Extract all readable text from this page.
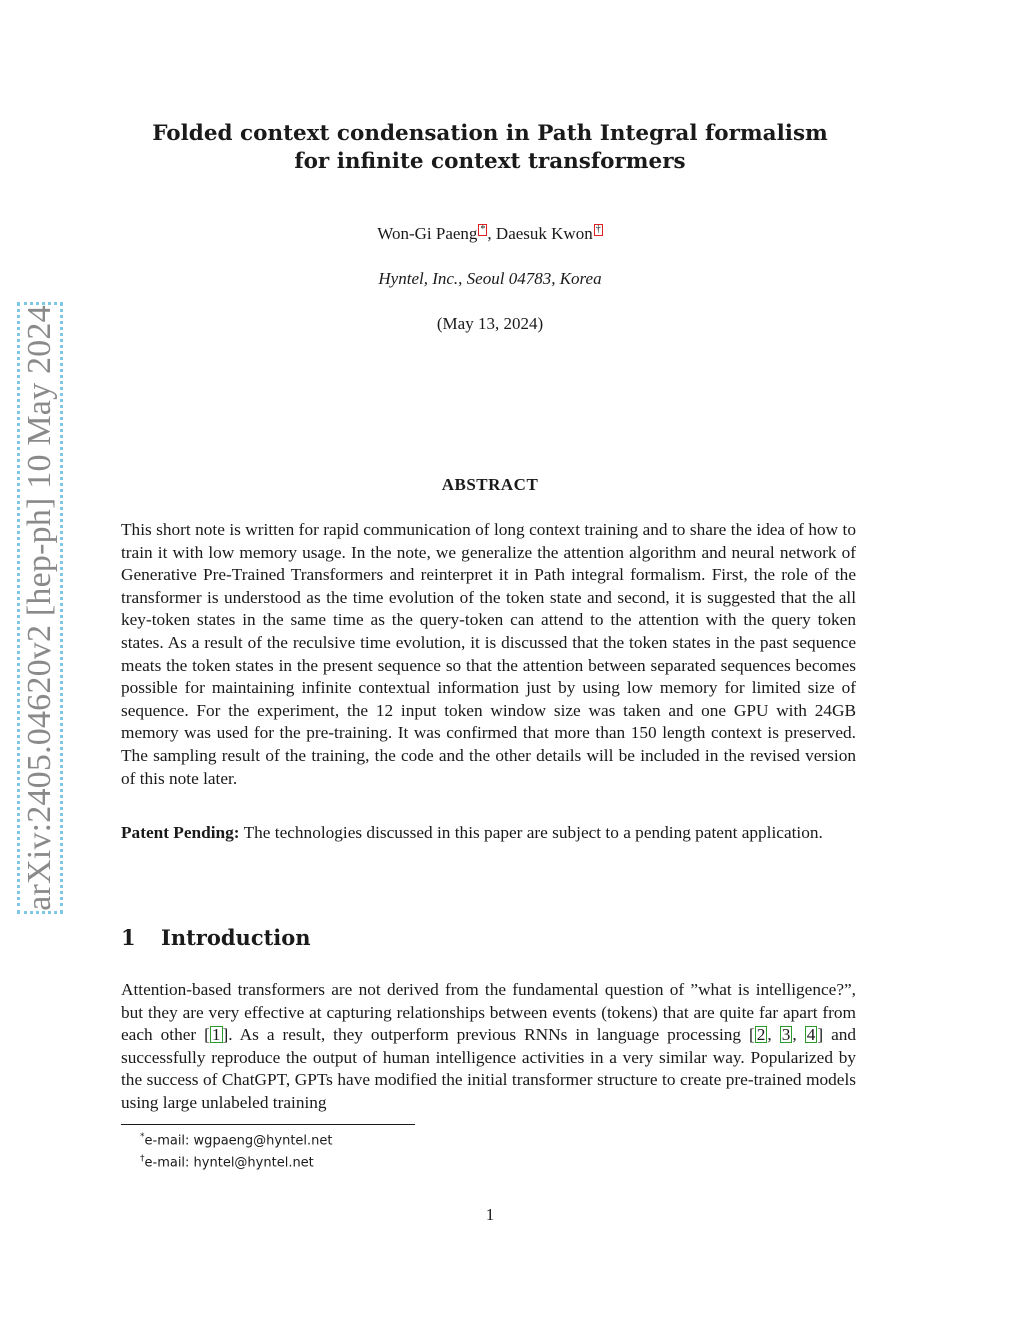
arXiv:2405.04620v2 [hep-ph] 10 May 2024
Folded context condensation in Path Integral formalism
for infinite context transformers
Won-Gi Paeng * , Daesuk Kwon †
Hyntel, Inc., Seoul 04783, Korea
(May 13, 2024)
ABSTRACT
This short note is written for rapid communication of long context training and to share the idea of how to train it with low memory usage. In the note, we generalize the attention algorithm and neural network of Generative Pre-Trained Transformers and reinterpret it in Path integral formalism. First, the role of the transformer is understood as the time evolution of the token state and second, it is suggested that the all key-token states in the same time as the query-token can attend to the attention with the query token states. As a result of the reculsive time evolution, it is discussed that the token states in the past sequence meats the token states in the present sequence so that the attention between separated sequences becomes possible for maintaining infinite contextual information just by using low memory for limited size of sequence. For the experiment, the 12 input token window size was taken and one GPU with 24GB memory was used for the pre-training. It was confirmed that more than 150 length context is preserved. The sampling result of the training, the code and the other details will be included in the revised version of this note later.
Patent Pending: The technologies discussed in this paper are subject to a pending patent application.
1 Introduction
Attention-based transformers are not derived from the fundamental question of ”what is intelligence?”, but they are very effective at capturing relationships between events (tokens) that are quite far apart from each other [ 1 ]. As a result, they outperform previous RNNs in language processing [ 2 , 3 , 4 ] and successfully reproduce the output of human intelligence activities in a very similar way. Popularized by the success of ChatGPT, GPTs have modified the initial transformer structure to create pre-trained models using large unlabeled training
*e-mail: wgpaeng@hyntel.net
†e-mail: hyntel@hyntel.net
1
